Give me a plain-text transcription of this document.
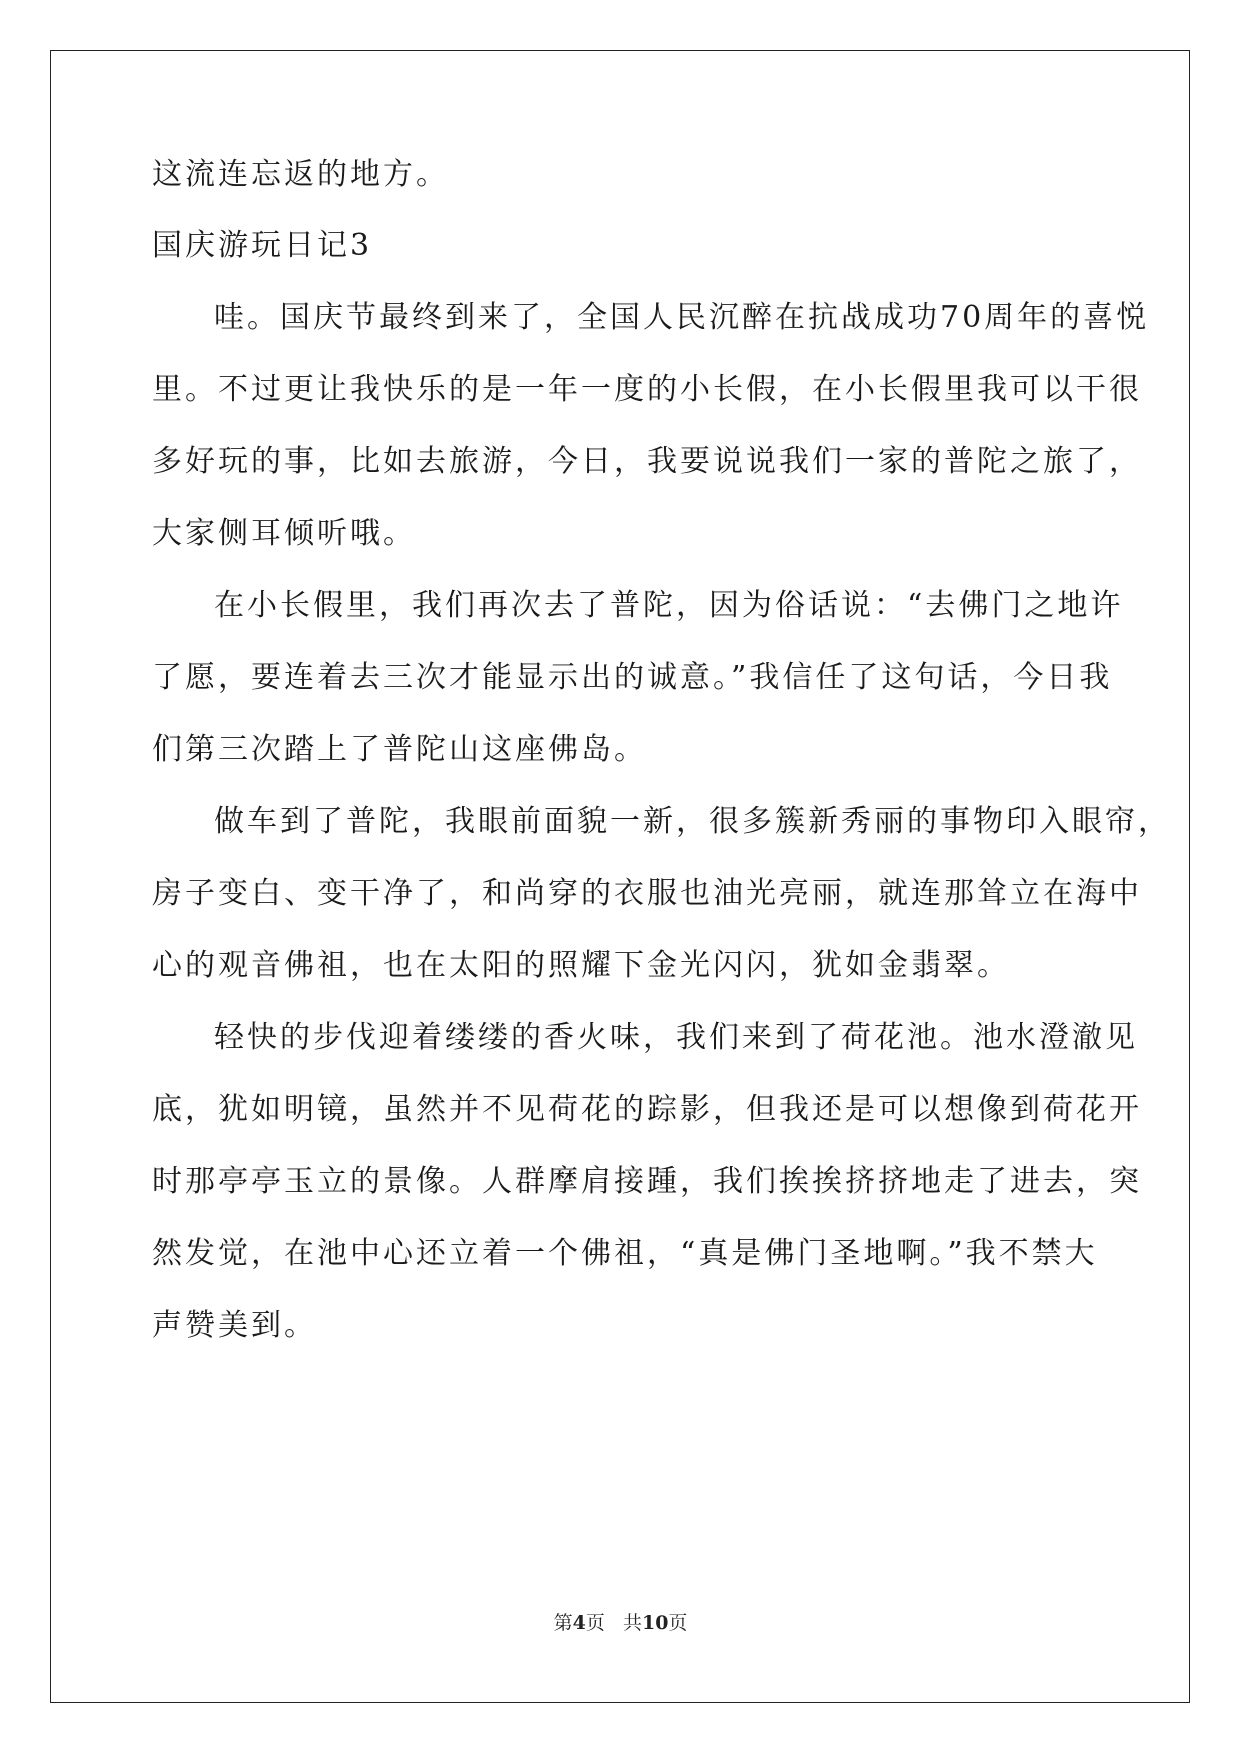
这流连忘返的地方。

国庆游玩日记3

哇。国庆节最终到来了，全国人民沉醉在抗战成功70周年的喜悦

里。不过更让我快乐的是一年一度的小长假，在小长假里我可以干很

多好玩的事，比如去旅游，今日，我要说说我们一家的普陀之旅了，

大家侧耳倾听哦。

在小长假里，我们再次去了普陀，因为俗话说：“去佛门之地许

了愿，要连着去三次才能显示出的诚意。”我信任了这句话，今日我

们第三次踏上了普陀山这座佛岛。

做车到了普陀，我眼前面貌一新，很多簇新秀丽的事物印入眼帘，

房子变白、变干净了，和尚穿的衣服也油光亮丽，就连那耸立在海中

心的观音佛祖，也在太阳的照耀下金光闪闪，犹如金翡翠。

轻快的步伐迎着缕缕的香火味，我们来到了荷花池。池水澄澈见

底，犹如明镜，虽然并不见荷花的踪影，但我还是可以想像到荷花开

时那亭亭玉立的景像。人群摩肩接踵，我们挨挨挤挤地走了进去，突

然发觉，在池中心还立着一个佛祖，“真是佛门圣地啊。”我不禁大

声赞美到。

第4页 共10页
